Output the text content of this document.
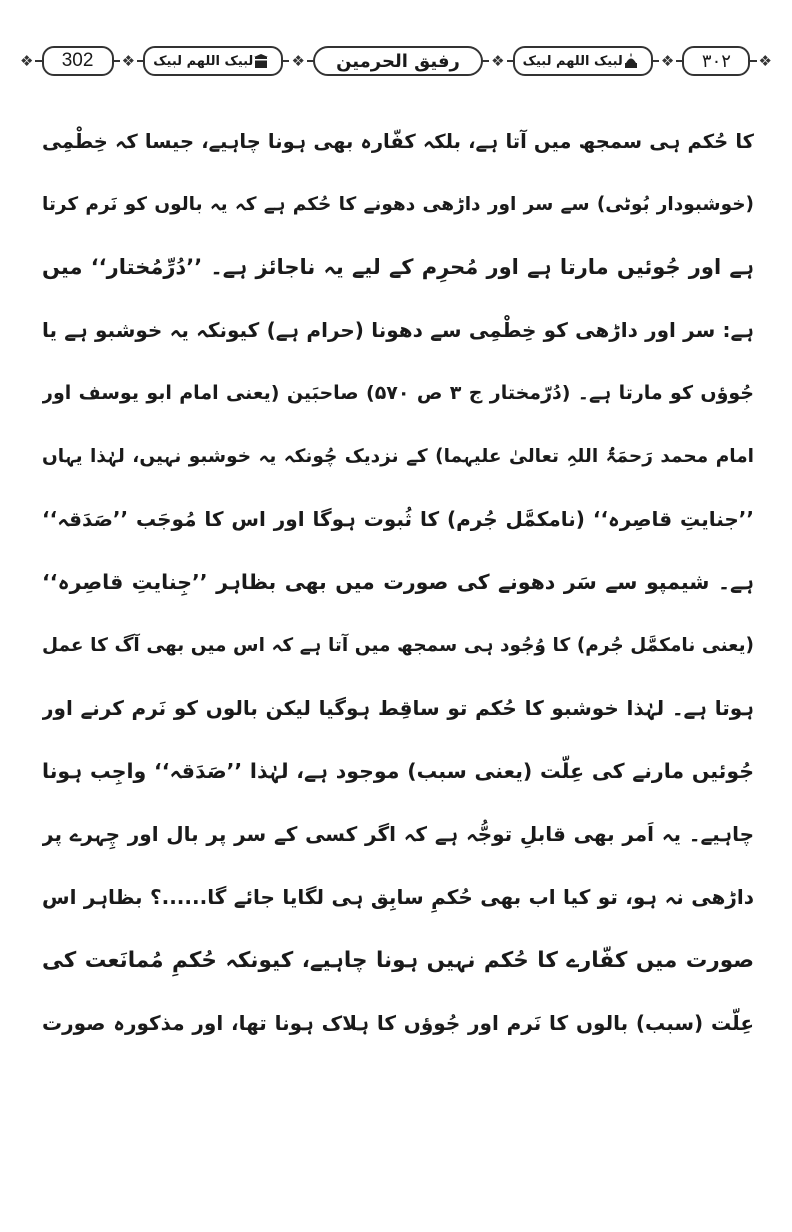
❖	302	❖ لبیک اللھم لبیک	❖	رفیق الحرمین	❖ لبیک اللھم لبیک	❖	۳۰۲	❖
کا حُکم ہی سمجھ میں آتا ہے، بلکہ کفّارہ بھی ہونا چاہیے، جیسا کہ خِطْمِی
(خوشبودار بُوٹی) سے سر اور داڑھی دھونے کا حُکم ہے کہ یہ بالوں کو نَرم کرتا
ہے اور جُوئیں مارتا ہے اور مُحرِم کے لیے یہ ناجائز ہے۔ ’’دُرِّمُختار‘‘ میں
ہے: سر اور داڑھی کو خِطْمِی سے دھونا (حرام ہے) کیونکہ یہ خوشبو ہے یا
جُوؤں کو مارتا ہے۔ (دُرّمختار ج ۳ ص ۵۷۰) صاحبَین (یعنی امام ابو یوسف اور
امام محمد رَحمَۃُ اللہِ تعالیٰ علیہما) کے نزدیک چُونکہ یہ خوشبو نہیں، لہٰذا یہاں
’’جنایتِ قاصِرہ‘‘ (نامکمَّل جُرم) کا ثُبوت ہوگا اور اس کا مُوجَب ’’صَدَقہ‘‘
ہے۔ شیمپو سے سَر دھونے کی صورت میں بھی بظاہر ’’جِنایتِ قاصِرہ‘‘
(یعنی نامکمَّل جُرم) کا وُجُود ہی سمجھ میں آتا ہے کہ اس میں بھی آگ کا عمل
ہوتا ہے۔ لہٰذا خوشبو کا حُکم تو ساقِط ہوگیا لیکن بالوں کو نَرم کرنے اور
جُوئیں مارنے کی عِلّت (یعنی سبب) موجود ہے، لہٰذا ’’صَدَقہ‘‘ واجِب ہونا
چاہیے۔ یہ اَمر بھی قابلِ توجُّہ ہے کہ اگر کسی کے سر پر بال اور چِہرے پر
داڑھی نہ ہو، تو کیا اب بھی حُکمِ سابِق ہی لگایا جائے گا......؟ بظاہر اس
صورت میں کفّارے کا حُکم نہیں ہونا چاہیے، کیونکہ حُکمِ مُمانَعت کی
عِلّت (سبب) بالوں کا نَرم اور جُوؤں کا ہلاک ہونا تھا، اور مذکورہ صورت
